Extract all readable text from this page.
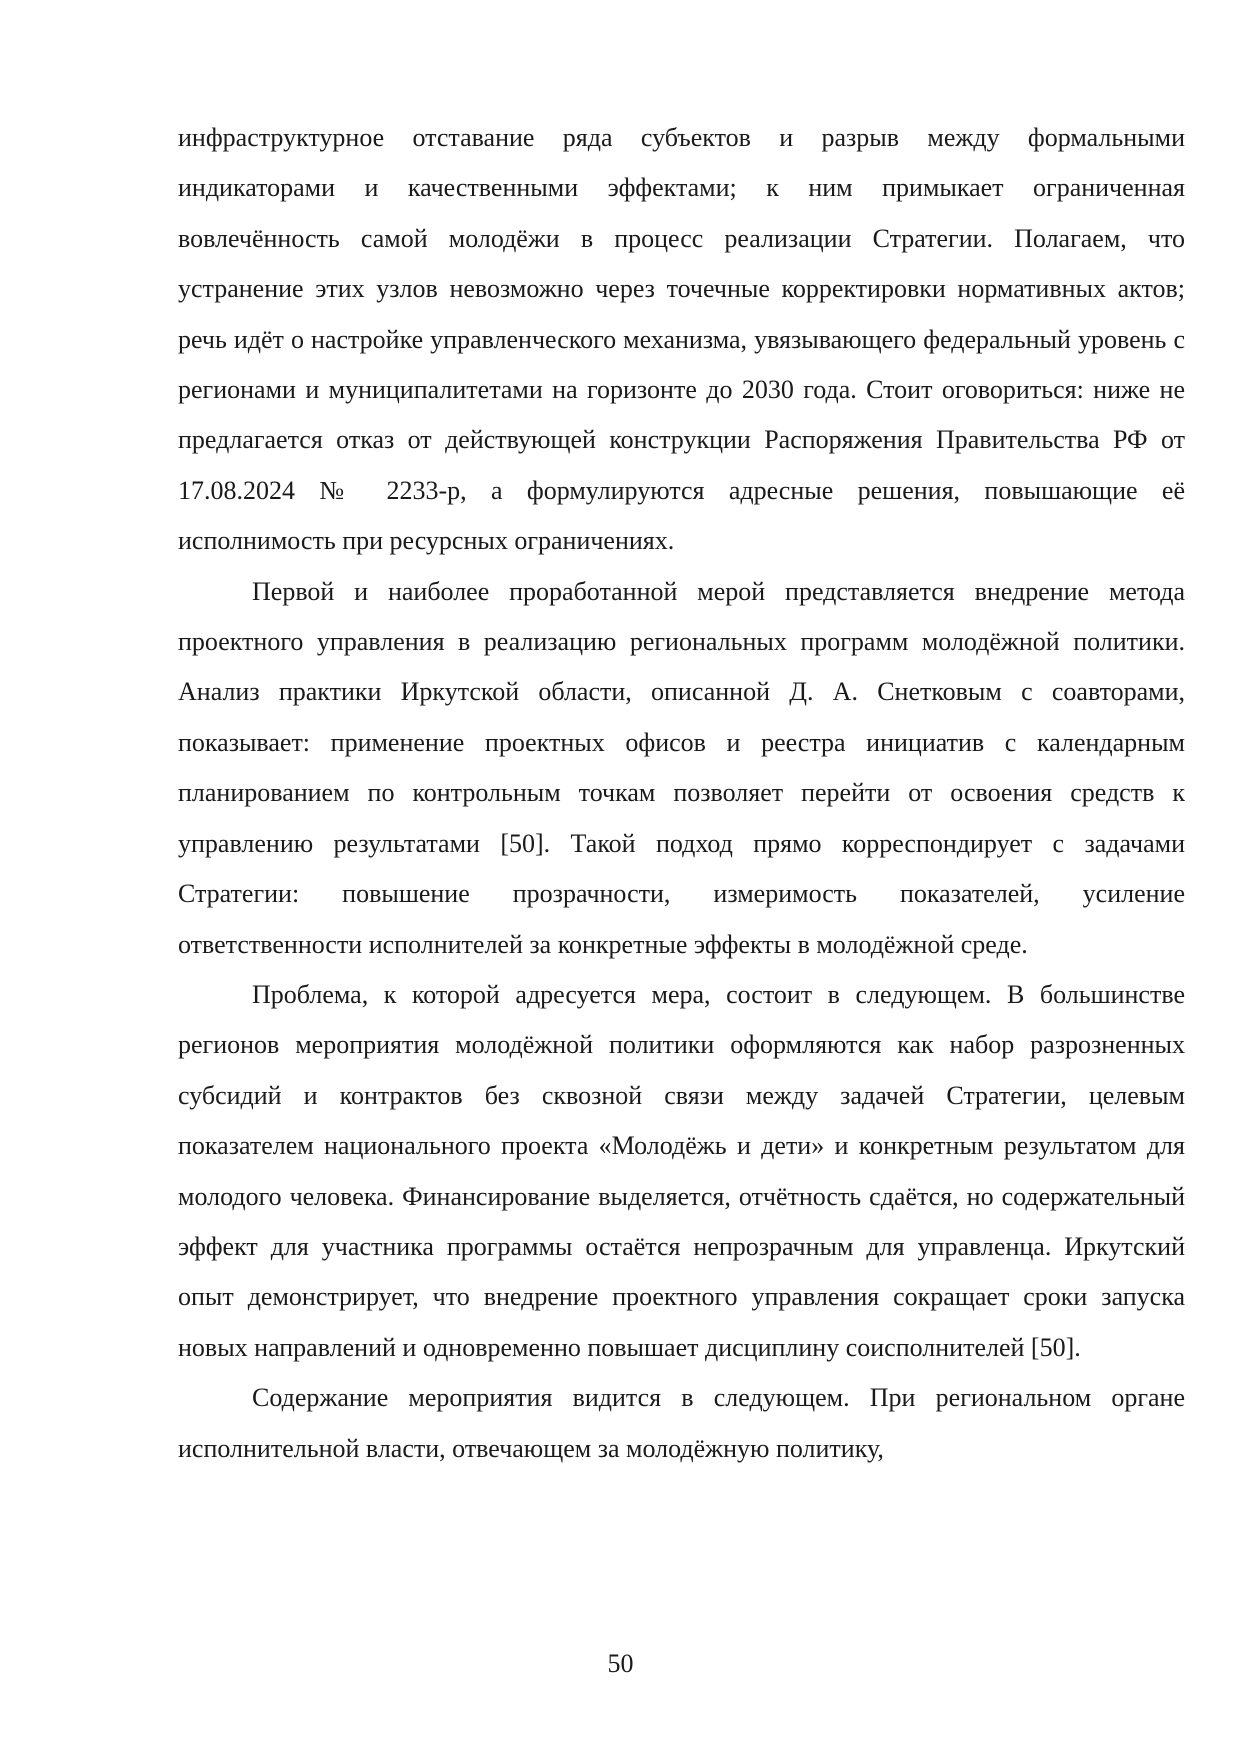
инфраструктурное отставание ряда субъектов и разрыв между формальными индикаторами и качественными эффектами; к ним примыкает ограниченная вовлечённость самой молодёжи в процесс реализации Стратегии. Полагаем, что устранение этих узлов невозможно через точечные корректировки нормативных актов; речь идёт о настройке управленческого механизма, увязывающего федеральный уровень с регионами и муниципалитетами на горизонте до 2030 года. Стоит оговориться: ниже не предлагается отказ от действующей конструкции Распоряжения Правительства РФ от 17.08.2024 № 2233-р, а формулируются адресные решения, повышающие её исполнимость при ресурсных ограничениях.

Первой и наиболее проработанной мерой представляется внедрение метода проектного управления в реализацию региональных программ молодёжной политики. Анализ практики Иркутской области, описанной Д. А. Снетковым с соавторами, показывает: применение проектных офисов и реестра инициатив с календарным планированием по контрольным точкам позволяет перейти от освоения средств к управлению результатами [50]. Такой подход прямо корреспондирует с задачами Стратегии: повышение прозрачности, измеримость показателей, усиление ответственности исполнителей за конкретные эффекты в молодёжной среде.

Проблема, к которой адресуется мера, состоит в следующем. В большинстве регионов мероприятия молодёжной политики оформляются как набор разрозненных субсидий и контрактов без сквозной связи между задачей Стратегии, целевым показателем национального проекта «Молодёжь и дети» и конкретным результатом для молодого человека. Финансирование выделяется, отчётность сдаётся, но содержательный эффект для участника программы остаётся непрозрачным для управленца. Иркутский опыт демонстрирует, что внедрение проектного управления сокращает сроки запуска новых направлений и одновременно повышает дисциплину соисполнителей [50].

Содержание мероприятия видится в следующем. При региональном органе исполнительной власти, отвечающем за молодёжную политику,

50
